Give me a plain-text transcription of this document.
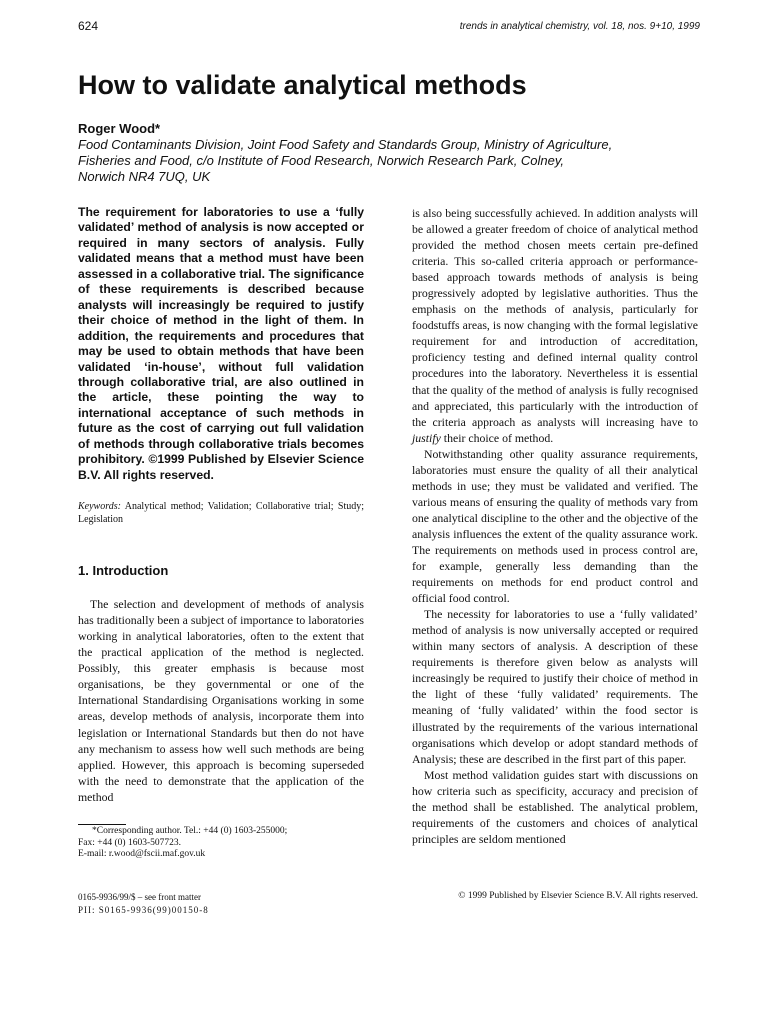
624	trends in analytical chemistry, vol. 18, nos. 9+10, 1999
How to validate analytical methods
Roger Wood*
Food Contaminants Division, Joint Food Safety and Standards Group, Ministry of Agriculture,
Fisheries and Food, c/o Institute of Food Research, Norwich Research Park, Colney,
Norwich NR4 7UQ, UK

The requirement for laboratories to use a ‘fully validated’ method of analysis is now accepted or required in many sectors of analysis. Fully validated means that a method must have been assessed in a collaborative trial. The significance of these requirements is described because analysts will increasingly be required to justify their choice of method in the light of them. In addition, the requirements and procedures that may be used to obtain methods that have been validated ‘in-house’, without full validation through collaborative trial, are also outlined in the article, these pointing the way to international acceptance of such methods in future as the cost of carrying out full validation of methods through collaborative trials becomes prohibitory. ©1999 Published by Elsevier Science B.V. All rights reserved.

Keywords: Analytical method; Validation; Collaborative trial; Study; Legislation
1. Introduction

The selection and development of methods of analysis has traditionally been a subject of importance to laboratories working in analytical laboratories, often to the extent that the practical application of the method is neglected. Possibly, this greater emphasis is because most organisations, be they governmental or one of the International Standardising Organisations working in some areas, develop methods of analysis, incorporate them into legislation or International Standards but then do not have any mechanism to assess how well such methods are being applied. However, this approach is becoming superseded with the need to demonstrate that the application of the method

is also being successfully achieved. In addition analysts will be allowed a greater freedom of choice of analytical method provided the method chosen meets certain pre-defined criteria. This so-called criteria approach or performance-based approach towards methods of analysis is being progressively adopted by legislative authorities. Thus the emphasis on the methods of analysis, particularly for foodstuffs areas, is now changing with the formal legislative requirement for and introduction of accreditation, proficiency testing and defined internal quality control procedures into the laboratory. Nevertheless it is essential that the quality of the method of analysis is fully recognised and appreciated, this particularly with the introduction of the criteria approach as analysts will increasing have to justify their choice of method.

Notwithstanding other quality assurance requirements, laboratories must ensure the quality of all their analytical methods in use; they must be validated and verified. The various means of ensuring the quality of methods vary from one analytical discipline to the other and the objective of the analysis influences the extent of the quality assurance work. The requirements on methods used in process control are, for example, generally less demanding than the requirements on methods for end product control and official food control.

The necessity for laboratories to use a ‘fully validated’ method of analysis is now universally accepted or required within many sectors of analysis. A description of these requirements is therefore given below as analysts will increasingly be required to justify their choice of method in the light of these ‘fully validated’ requirements. The meaning of ‘fully validated’ within the food sector is illustrated by the requirements of the various international organisations which develop or adopt standard methods of Analysis; these are described in the first part of this paper.

Most method validation guides start with discussions on how criteria such as specificity, accuracy and precision of the method shall be established. The analytical problem, requirements of the customers and choices of analytical principles are seldom mentioned

*Corresponding author. Tel.: +44 (0) 1603-255000;
Fax: +44 (0) 1603-507723.
E-mail: r.wood@fscii.maf.gov.uk
0165-9936/99/$ – see front matter
PII: S0165-9936(99)00150-8
© 1999 Published by Elsevier Science B.V. All rights reserved.
